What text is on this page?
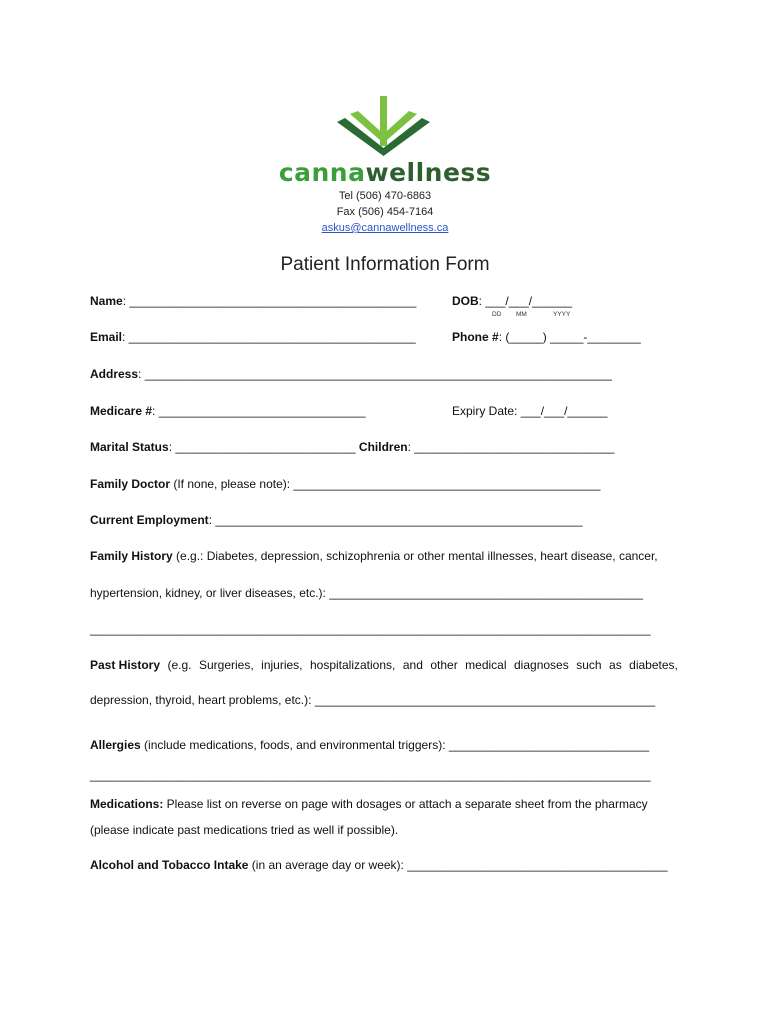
cannawellness
Tel (506) 470-6863
Fax (506) 454-7164
askus@cannawellness.ca
Patient Information Form
Name: ___________________________________________	DOB: ___/___/______
DD MM	YYYY
Email: ___________________________________________	Phone #: (_____) _____-________
Address: ______________________________________________________________________
Medicare #: _______________________________	Expiry Date: ___/___/______
Marital Status: ___________________________ Children: ______________________________
Family Doctor (If none, please note): ______________________________________________
Current Employment: _______________________________________________________
Family History (e.g.: Diabetes, depression, schizophrenia or other mental illnesses, heart disease, cancer,
hypertension, kidney, or liver diseases, etc.): _______________________________________________
____________________________________________________________________________________
Past History (e.g. Surgeries, injuries, hospitalizations, and other medical diagnoses such as diabetes,
depression, thyroid, heart problems, etc.): ___________________________________________________
Allergies (include medications, foods, and environmental triggers): ______________________________
____________________________________________________________________________________
Medications: Please list on reverse on page with dosages or attach a separate sheet from the pharmacy
(please indicate past medications tried as well if possible).
Alcohol and Tobacco Intake (in an average day or week): _______________________________________
